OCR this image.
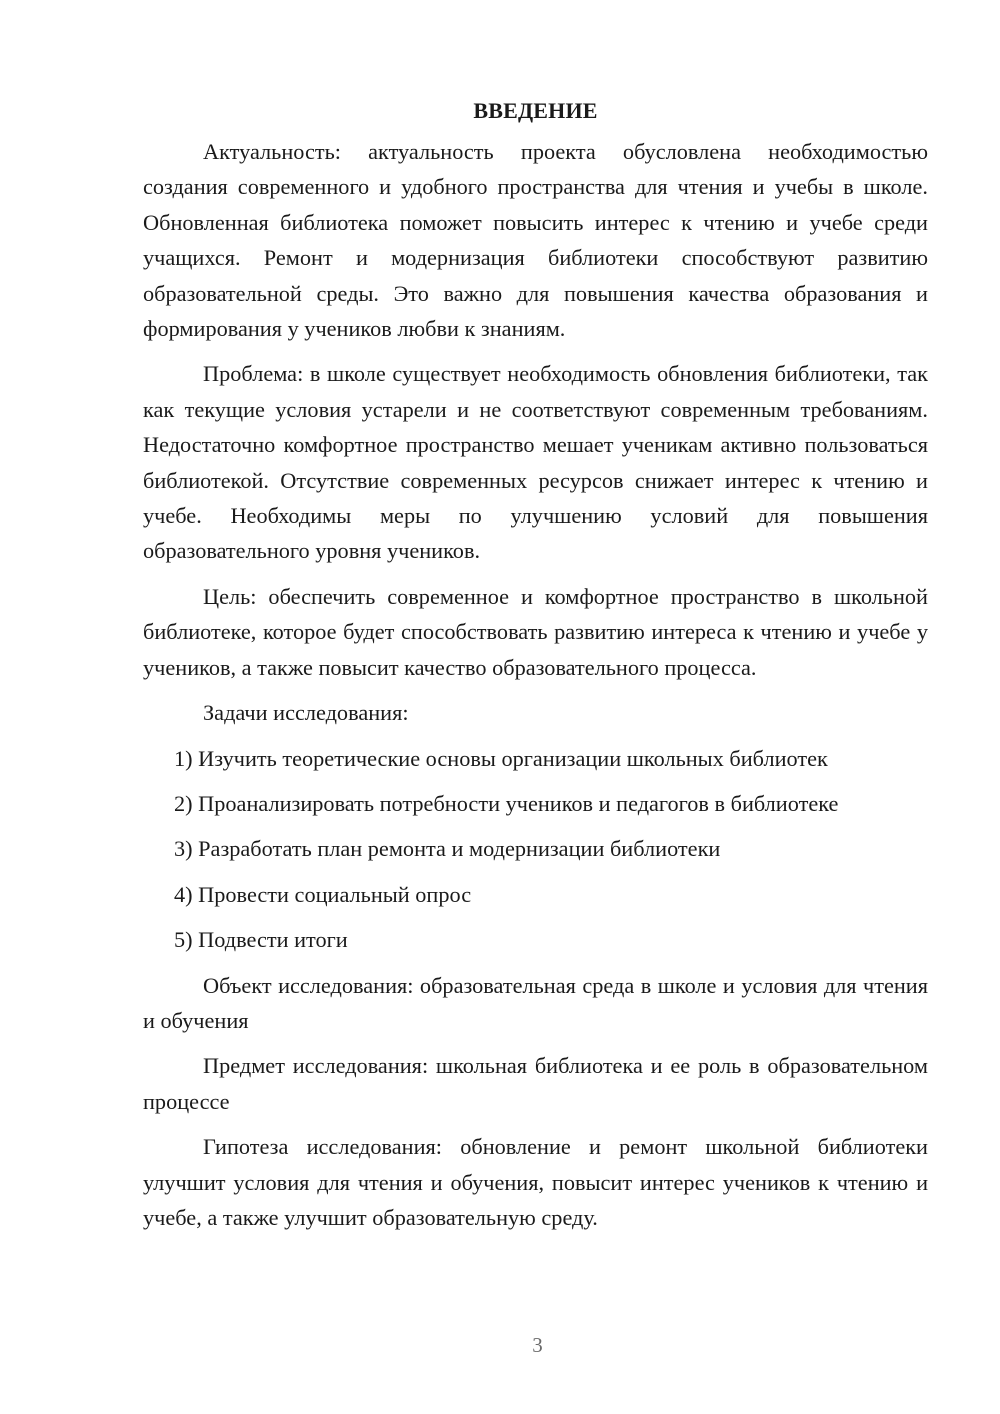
ВВЕДЕНИЕ

Актуальность: актуальность проекта обусловлена необходимостью создания современного и удобного пространства для чтения и учебы в школе. Обновленная библиотека поможет повысить интерес к чтению и учебе среди учащихся. Ремонт и модернизация библиотеки способствуют развитию образовательной среды. Это важно для повышения качества образования и формирования у учеников любви к знаниям.

Проблема: в школе существует необходимость обновления библиотеки, так как текущие условия устарели и не соответствуют современным требованиям. Недостаточно комфортное пространство мешает ученикам активно пользоваться библиотекой. Отсутствие современных ресурсов снижает интерес к чтению и учебе. Необходимы меры по улучшению условий для повышения образовательного уровня учеников.

Цель: обеспечить современное и комфортное пространство в школьной библиотеке, которое будет способствовать развитию интереса к чтению и учебе у учеников, а также повысит качество образовательного процесса.

Задачи исследования:

1) Изучить теоретические основы организации школьных библиотек
2) Проанализировать потребности учеников и педагогов в библиотеке
3) Разработать план ремонта и модернизации библиотеки
4) Провести социальный опрос
5) Подвести итоги

Объект исследования: образовательная среда в школе и условия для чтения и обучения

Предмет исследования: школьная библиотека и ее роль в образовательном процессе

Гипотеза исследования: обновление и ремонт школьной библиотеки улучшит условия для чтения и обучения, повысит интерес учеников к чтению и учебе, а также улучшит образовательную среду.

3
